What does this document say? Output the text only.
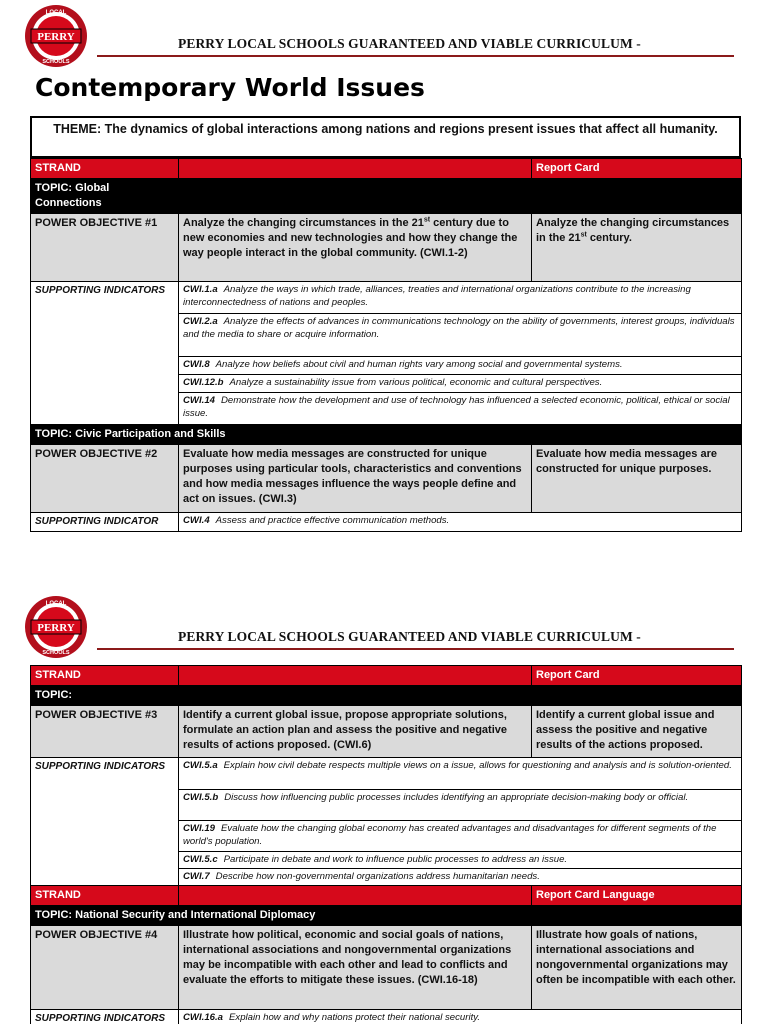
PERRY
LOCAL
SCHOOLS
PERRY LOCAL SCHOOLS GUARANTEED AND VIABLE CURRICULUM -
Contemporary World Issues
THEME: The dynamics of global interactions among nations and regions present issues that affect all humanity.
STRAND		Report Card
TOPIC: Global Connections		
POWER OBJECTIVE #1	Analyze the changing circumstances in the 21st century due to new economies and new technologies and how they change the way people interact in the global community. (CWI.1-2)	Analyze the changing circumstances in the 21st century.
SUPPORTING INDICATORS	CWI.1.a Analyze the ways in which trade, alliances, treaties and international organizations contribute to the increasing interconnectedness of nations and peoples.	
	CWI.2.a Analyze the effects of advances in communications technology on the ability of governments, interest groups, individuals and the media to share or acquire information.	
	CWI.8 Analyze how beliefs about civil and human rights vary among social and governmental systems.	
	CWI.12.b Analyze a sustainability issue from various political, economic and cultural perspectives.	
	CWI.14 Demonstrate how the development and use of technology has influenced a selected economic, political, ethical or social issue.	
TOPIC: Civic Participation and Skills		
POWER OBJECTIVE #2	Evaluate how media messages are constructed for unique purposes using particular tools, characteristics and conventions and how media messages influence the ways people define and act on issues. (CWI.3)	Evaluate how media messages are constructed for unique purposes.
SUPPORTING INDICATOR	CWI.4 Assess and practice effective communication methods.	
PERRY
LOCAL
SCHOOLS
PERRY LOCAL SCHOOLS GUARANTEED AND VIABLE CURRICULUM -
STRAND		Report Card
TOPIC:		
POWER OBJECTIVE #3	Identify a current global issue, propose appropriate solutions, formulate an action plan and assess the positive and negative results of actions proposed. (CWI.6)	Identify a current global issue and assess the positive and negative results of the actions proposed.
SUPPORTING INDICATORS	CWI.5.a Explain how civil debate respects multiple views on a issue, allows for questioning and analysis and is solution-oriented.	
	CWI.5.b Discuss how influencing public processes includes identifying an appropriate decision-making body or official.	
	CWI.19 Evaluate how the changing global economy has created advantages and disadvantages for different segments of the world's population.	
	CWI.5.c Participate in debate and work to influence public processes to address an issue.	
	CWI.7 Describe how non-governmental organizations address humanitarian needs.	
STRAND		Report Card Language
TOPIC: National Security and International Diplomacy		
POWER OBJECTIVE #4	Illustrate how political, economic and social goals of nations, international associations and nongovernmental organizations may be incompatible with each other and lead to conflicts and evaluate the efforts to mitigate these issues. (CWI.16-18)	Illustrate how goals of nations, international associations and nongovernmental organizations may often be incompatible with each other.
SUPPORTING INDICATORS	CWI.16.a Explain how and why nations protect their national security.	
